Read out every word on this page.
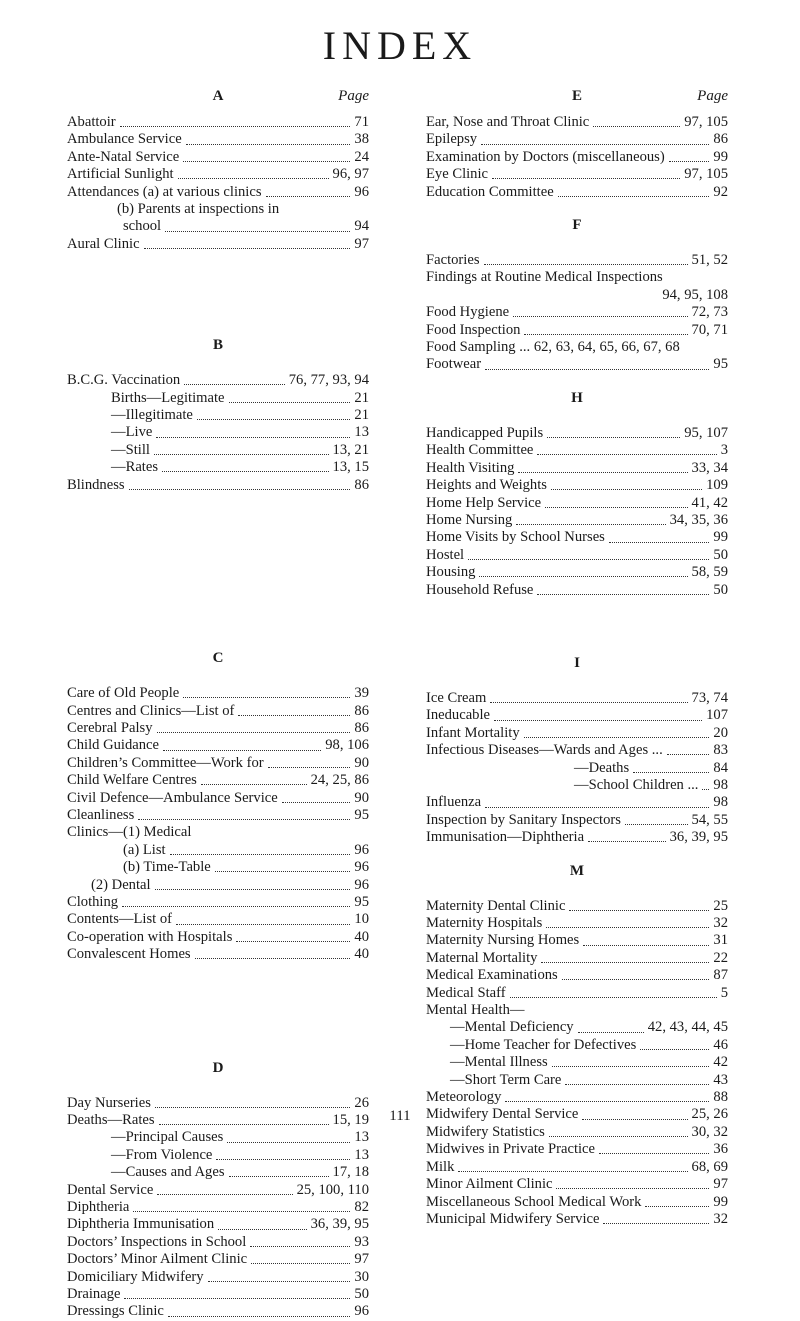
INDEX
A	Page
Abattoir	71
Ambulance Service	38
Ante-Natal Service	24
Artificial Sunlight	96, 97
Attendances (a) at various clinics	96
(b) Parents at inspections in
school	94
Aural Clinic	97
B
B.C.G. Vaccination	76, 77, 93, 94
Births—Legitimate	21
—Illegitimate	21
—Live	13
—Still	13, 21
—Rates	13, 15
Blindness	86
C
Care of Old People	39
Centres and Clinics—List of	86
Cerebral Palsy	86
Child Guidance	98, 106
Children’s Committee—Work for	90
Child Welfare Centres	24, 25, 86
Civil Defence—Ambulance Service	90
Cleanliness	95
Clinics—(1) Medical
(a) List	96
(b) Time-Table	96
(2) Dental	96
Clothing	95
Contents—List of	10
Co-operation with Hospitals	40
Convalescent Homes	40
D
Day Nurseries	26
Deaths—Rates	15, 19
—Principal Causes	13
—From Violence	13
—Causes and Ages	17, 18
Dental Service	25, 100, 110
Diphtheria	82
Diphtheria Immunisation	36, 39, 95
Doctors’ Inspections in School	93
Doctors’ Minor Ailment Clinic	97
Domiciliary Midwifery	30
Drainage	50
Dressings Clinic	96
E	Page
Ear, Nose and Throat Clinic	97, 105
Epilepsy	86
Examination by Doctors (miscellaneous)	99
Eye Clinic	97, 105
Education Committee	92
F
Factories	51, 52
Findings at Routine Medical Inspections
94, 95, 108
Food Hygiene	72, 73
Food Inspection	70, 71
Food Sampling ... 62, 63, 64, 65, 66, 67, 68
Footwear	95
H
Handicapped Pupils	95, 107
Health Committee	3
Health Visiting	33, 34
Heights and Weights	109
Home Help Service	41, 42
Home Nursing	34, 35, 36
Home Visits by School Nurses	99
Hostel	50
Housing	58, 59
Household Refuse	50
I
Ice Cream	73, 74
Ineducable	107
Infant Mortality	20
Infectious Diseases—Wards and Ages ...	83
—Deaths	84
—School Children ... 98
Influenza	98
Inspection by Sanitary Inspectors	54, 55
Immunisation—Diphtheria	36, 39, 95
M
Maternity Dental Clinic	25
Maternity Hospitals	32
Maternity Nursing Homes	31
Maternal Mortality	22
Medical Examinations	87
Medical Staff	5
Mental Health—
—Mental Deficiency	42, 43, 44, 45
—Home Teacher for Defectives	46
—Mental Illness	42
—Short Term Care	43
Meteorology	88
Midwifery Dental Service	25, 26
Midwifery Statistics	30, 32
Midwives in Private Practice	36
Milk	68, 69
Minor Ailment Clinic	97
Miscellaneous School Medical Work	99
Municipal Midwifery Service	32
111
